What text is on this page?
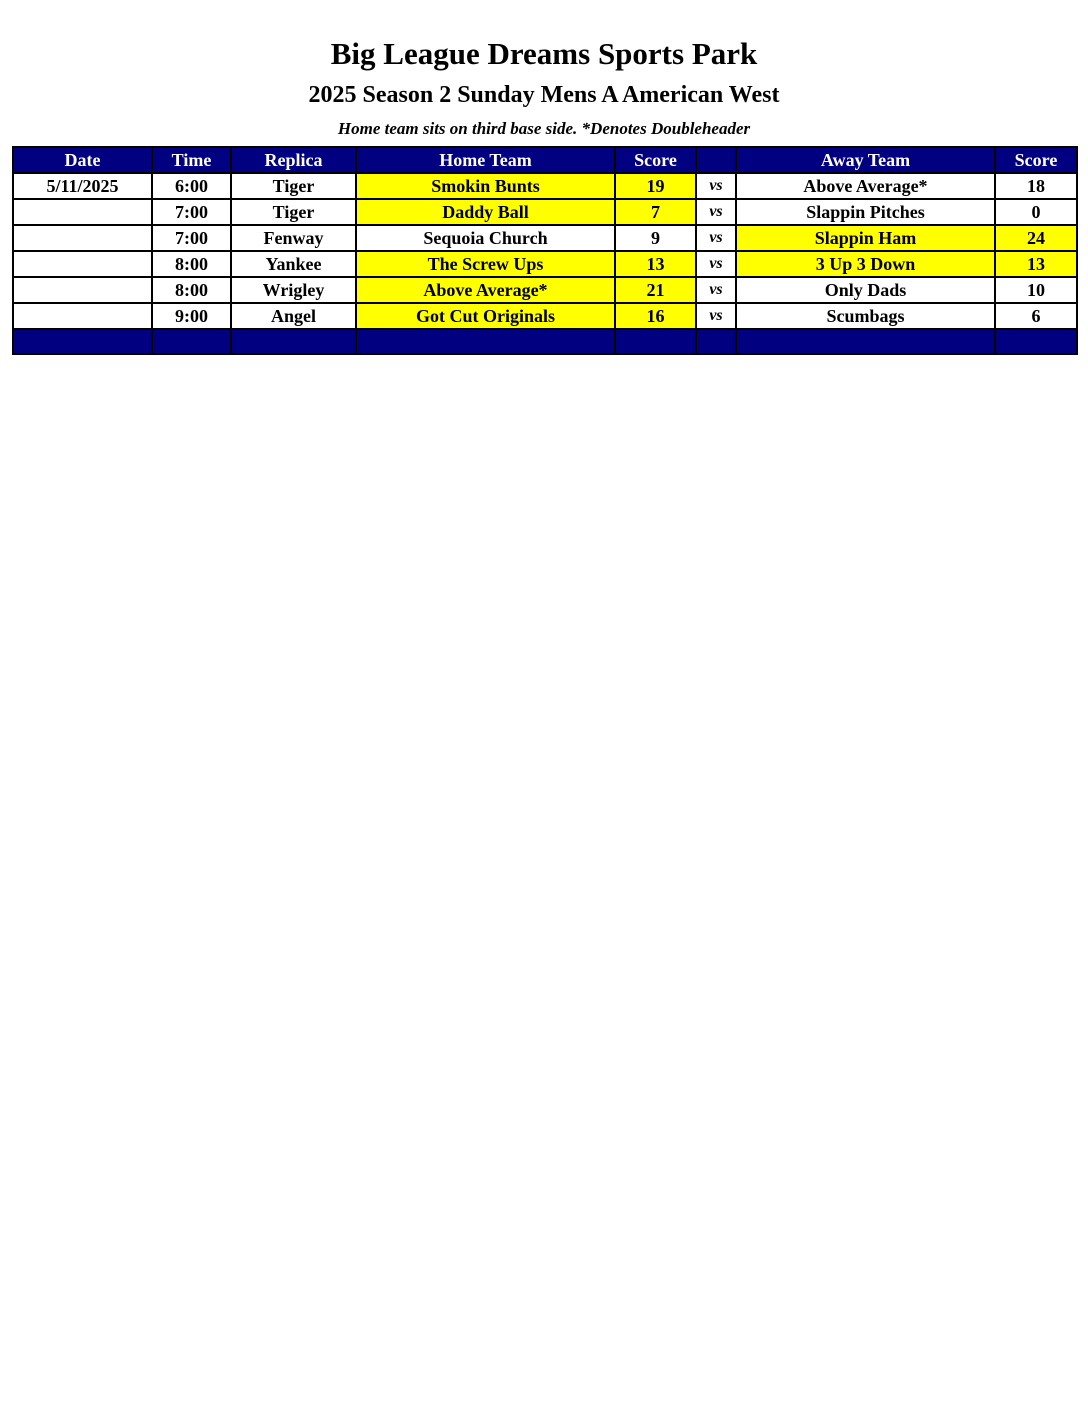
Big League Dreams Sports Park
2025 Season 2 Sunday Mens A American West
Home team sits on third base side. *Denotes Doubleheader
Date	Time	Replica	Home Team	Score		Away Team	Score
5/11/2025	6:00	Tiger	Smokin Bunts	19	vs	Above Average*	18
	7:00	Tiger	Daddy Ball	7	vs	Slappin Pitches	0
	7:00	Fenway	Sequoia Church	9	vs	Slappin Ham	24
	8:00	Yankee	The Screw Ups	13	vs	3 Up 3 Down	13
	8:00	Wrigley	Above Average*	21	vs	Only Dads	10
	9:00	Angel	Got Cut Originals	16	vs	Scumbags	6
